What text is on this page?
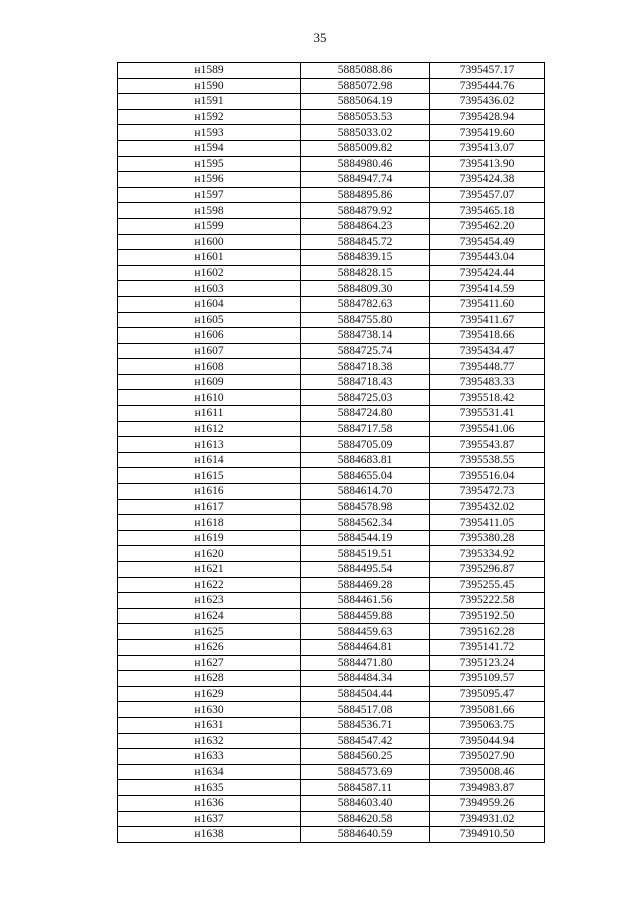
35
н1589	5885088.86	7395457.17
н1590	5885072.98	7395444.76
н1591	5885064.19	7395436.02
н1592	5885053.53	7395428.94
н1593	5885033.02	7395419.60
н1594	5885009.82	7395413.07
н1595	5884980.46	7395413.90
н1596	5884947.74	7395424.38
н1597	5884895.86	7395457.07
н1598	5884879.92	7395465.18
н1599	5884864.23	7395462.20
н1600	5884845.72	7395454.49
н1601	5884839.15	7395443.04
н1602	5884828.15	7395424.44
н1603	5884809.30	7395414.59
н1604	5884782.63	7395411.60
н1605	5884755.80	7395411.67
н1606	5884738.14	7395418.66
н1607	5884725.74	7395434.47
н1608	5884718.38	7395448.77
н1609	5884718.43	7395483.33
н1610	5884725.03	7395518.42
н1611	5884724.80	7395531.41
н1612	5884717.58	7395541.06
н1613	5884705.09	7395543.87
н1614	5884683.81	7395538.55
н1615	5884655.04	7395516.04
н1616	5884614.70	7395472.73
н1617	5884578.98	7395432.02
н1618	5884562.34	7395411.05
н1619	5884544.19	7395380.28
н1620	5884519.51	7395334.92
н1621	5884495.54	7395296.87
н1622	5884469.28	7395255.45
н1623	5884461.56	7395222.58
н1624	5884459.88	7395192.50
н1625	5884459.63	7395162.28
н1626	5884464.81	7395141.72
н1627	5884471.80	7395123.24
н1628	5884484.34	7395109.57
н1629	5884504.44	7395095.47
н1630	5884517.08	7395081.66
н1631	5884536.71	7395063.75
н1632	5884547.42	7395044.94
н1633	5884560.25	7395027.90
н1634	5884573.69	7395008.46
н1635	5884587.11	7394983.87
н1636	5884603.40	7394959.26
н1637	5884620.58	7394931.02
н1638	5884640.59	7394910.50
